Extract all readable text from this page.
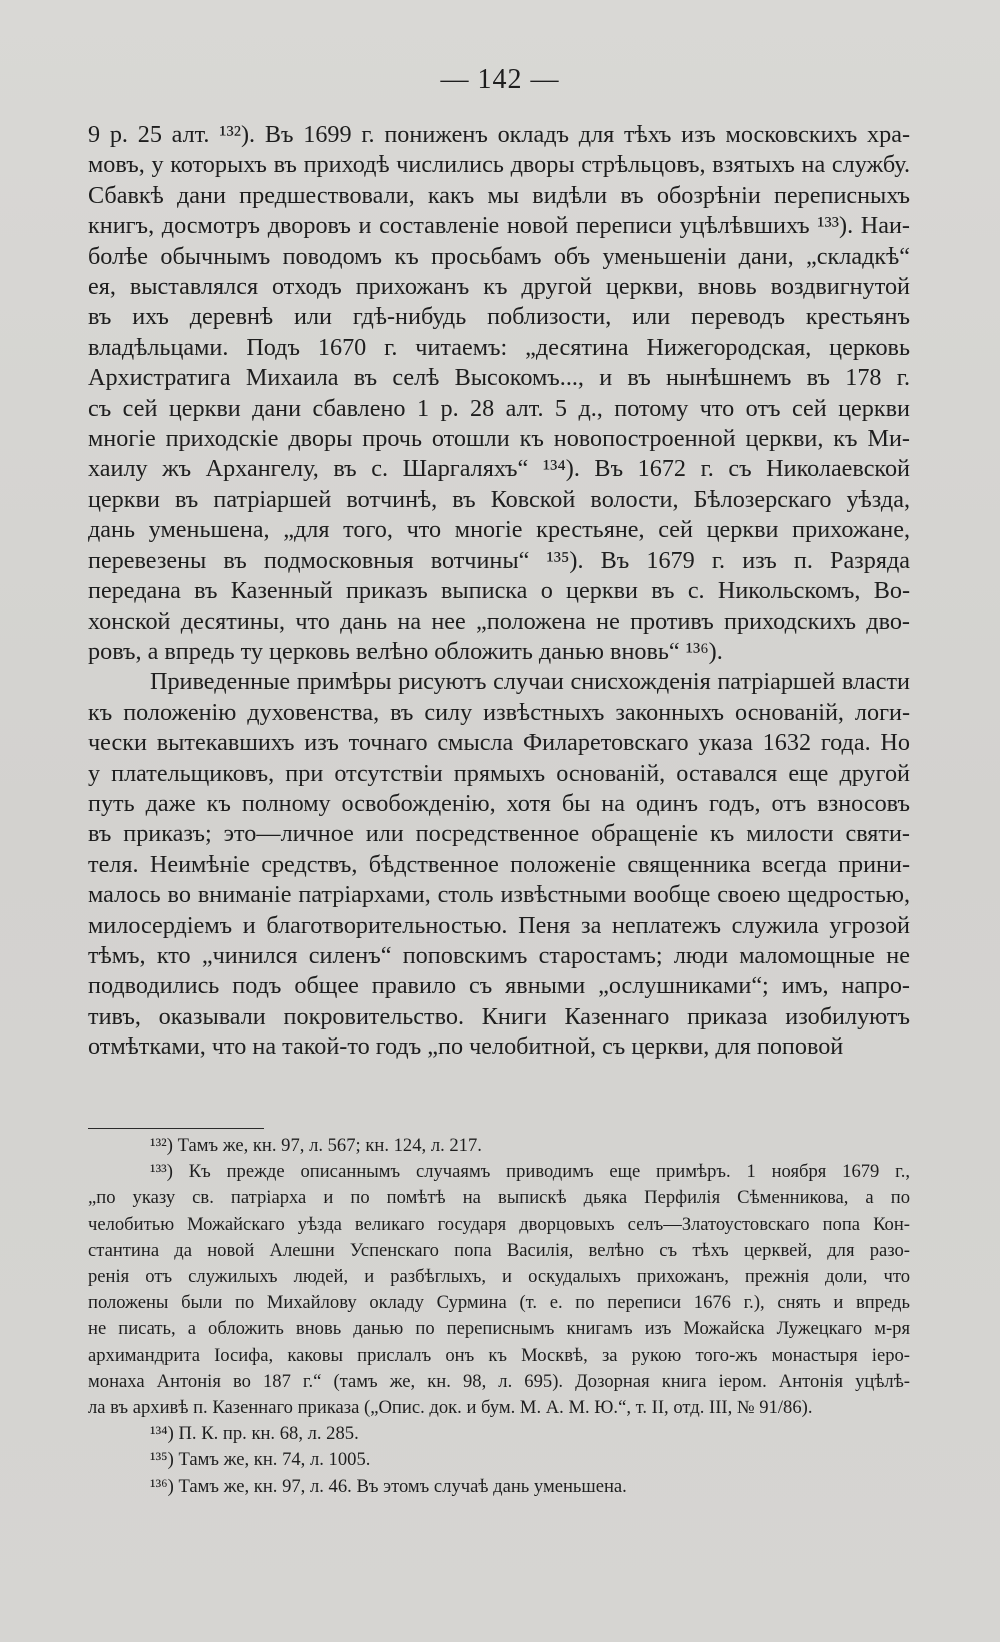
— 142 —

9 р. 25 алт. ¹³²). Въ 1699 г. пониженъ окладъ для тѣхъ изъ московскихъ хра-
мовъ, у которыхъ въ приходѣ числились дворы стрѣльцовъ, взятыхъ на службу.
Сбавкѣ дани предшествовали, какъ мы видѣли въ обозрѣнiи переписныхъ
книгъ, досмотръ дворовъ и составленiе новой переписи уцѣлѣвшихъ ¹³³). Наи-
болѣе обычнымъ поводомъ къ просьбамъ объ уменьшенiи дани, „складкѣ“
ея, выставлялся отходъ прихожанъ къ другой церкви, вновь воздвигнутой
въ ихъ деревнѣ или гдѣ-нибудь поблизости, или переводъ крестьянъ
владѣльцами. Подъ 1670 г. читаемъ: „десятина Нижегородская, церковь
Архистратига Михаила въ селѣ Высокомъ..., и въ нынѣшнемъ въ 178 г.
съ сей церкви дани сбавлено 1 р. 28 алт. 5 д., потому что отъ сей церкви
многiе приходскiе дворы прочь отошли къ новопостроенной церкви, къ Ми-
хаилу жъ Архангелу, въ с. Шаргаляхъ“ ¹³⁴). Въ 1672 г. съ Николаевской
церкви въ патрiаршей вотчинѣ, въ Ковской волости, Бѣлозерскаго уѣзда,
дань уменьшена, „для того, что многiе крестьяне, сей церкви прихожане,
перевезены въ подмосковныя вотчины“ ¹³⁵). Въ 1679 г. изъ п. Разряда
передана въ Казенный приказъ выписка о церкви въ с. Никольскомъ, Во-
хонской десятины, что дань на нее „положена не противъ приходскихъ дво-
ровъ, а впредь ту церковь велѣно обложить данью вновь“ ¹³⁶).

Приведенные примѣры рисуютъ случаи снисхожденiя патрiаршей власти
къ положенiю духовенства, въ силу извѣстныхъ законныхъ основанiй, логи-
чески вытекавшихъ изъ точнаго смысла Филаретовскаго указа 1632 года. Но
у плательщиковъ, при отсутствiи прямыхъ основанiй, оставался еще другой
путь даже къ полному освобожденiю, хотя бы на одинъ годъ, отъ взносовъ
въ приказъ; это—личное или посредственное обращенiе къ милости святи-
теля. Неимѣнiе средствъ, бѣдственное положенiе священника всегда прини-
малось во вниманiе патрiархами, столь извѣстными вообще своею щедростью,
милосердiемъ и благотворительностью. Пеня за неплатежъ служила угрозой
тѣмъ, кто „чинился силенъ“ поповскимъ старостамъ; люди маломощные не
подводились подъ общее правило съ явными „ослушниками“; имъ, напро-
тивъ, оказывали покровительство. Книги Казеннаго приказа изобилуютъ
отмѣтками, что на такой-то годъ „по челобитной, съ церкви, для поповой

¹³²) Тамъ же, кн. 97, л. 567; кн. 124, л. 217.

¹³³) Къ прежде описаннымъ случаямъ приводимъ еще примѣръ. 1 ноября 1679 г.,
„по указу св. патрiарха и по помѣтѣ на выпискѣ дьяка Перфилiя Сѣменникова, а по
челобитью Можайскаго уѣзда великаго государя дворцовыхъ селъ—Златоустовскаго попа Кон-
стантина да новой Алешни Успенскаго попа Василiя, велѣно съ тѣхъ церквей, для разо-
ренiя отъ служилыхъ людей, и разбѣглыхъ, и оскудалыхъ прихожанъ, прежнiя доли, что
положены были по Михайлову окладу Сурмина (т. е. по переписи 1676 г.), снять и впредь
не писать, а обложить вновь данью по переписнымъ книгамъ изъ Можайска Лужецкаго м-ря
архимандрита Iосифа, каковы прислалъ онъ къ Москвѣ, за рукою того-жъ монастыря iеро-
монаха Антонiя во 187 г.“ (тамъ же, кн. 98, л. 695). Дозорная книга iером. Антонiя уцѣлѣ-
ла въ архивѣ п. Казеннаго приказа („Опис. док. и бум. М. А. М. Ю.“, т. II, отд. III, № 91/86).

¹³⁴) П. К. пр. кн. 68, л. 285.

¹³⁵) Тамъ же, кн. 74, л. 1005.

¹³⁶) Тамъ же, кн. 97, л. 46. Въ этомъ случаѣ дань уменьшена.
